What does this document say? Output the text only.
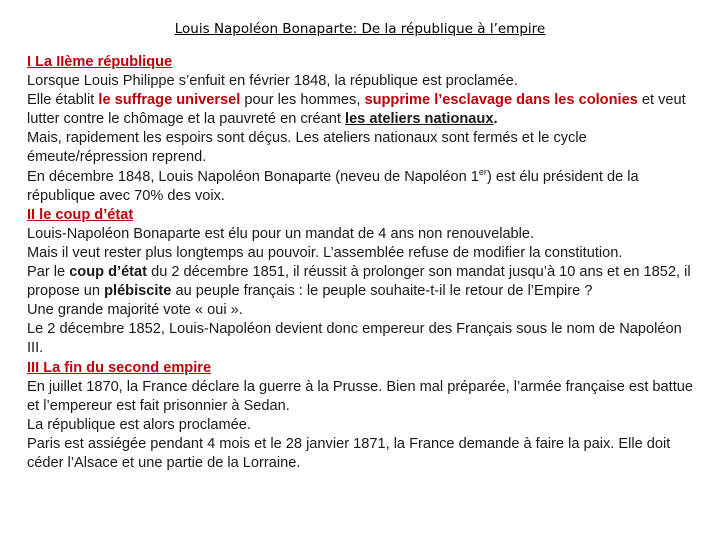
Louis Napoléon Bonaparte: De la république à l’empire

I La IIème république

Lorsque Louis Philippe s’enfuit en février 1848, la république est proclamée.

Elle établit le suffrage universel pour les hommes, supprime l’esclavage dans les colonies et veut lutter contre le chômage et la pauvreté en créant les ateliers nationaux.

Mais, rapidement les espoirs sont déçus. Les ateliers nationaux sont fermés et le cycle émeute/répression reprend.

En décembre 1848, Louis Napoléon Bonaparte (neveu de Napoléon 1er) est élu président de la république avec 70% des voix.

II le coup d’état

Louis-Napoléon Bonaparte est élu pour un mandat de 4 ans non renouvelable.

Mais il veut rester plus longtemps au pouvoir. L’assemblée refuse de modifier la constitution.

Par le coup d’état du 2 décembre 1851, il réussit à prolonger son mandat jusqu’à 10 ans et en 1852, il propose un plébiscite au peuple français : le peuple souhaite-t-il le retour de l’Empire ?

Une grande majorité vote « oui ».

Le 2 décembre 1852, Louis-Napoléon devient donc empereur des Français sous le nom de Napoléon III.

III La fin du second empire

En juillet 1870, la France déclare la guerre à la Prusse. Bien mal préparée, l’armée française est battue et l’empereur est fait prisonnier à Sedan.

La république est alors proclamée.

Paris est assiégée pendant 4 mois et le 28 janvier 1871, la France demande à faire la paix. Elle doit céder l’Alsace et une partie de la Lorraine.
